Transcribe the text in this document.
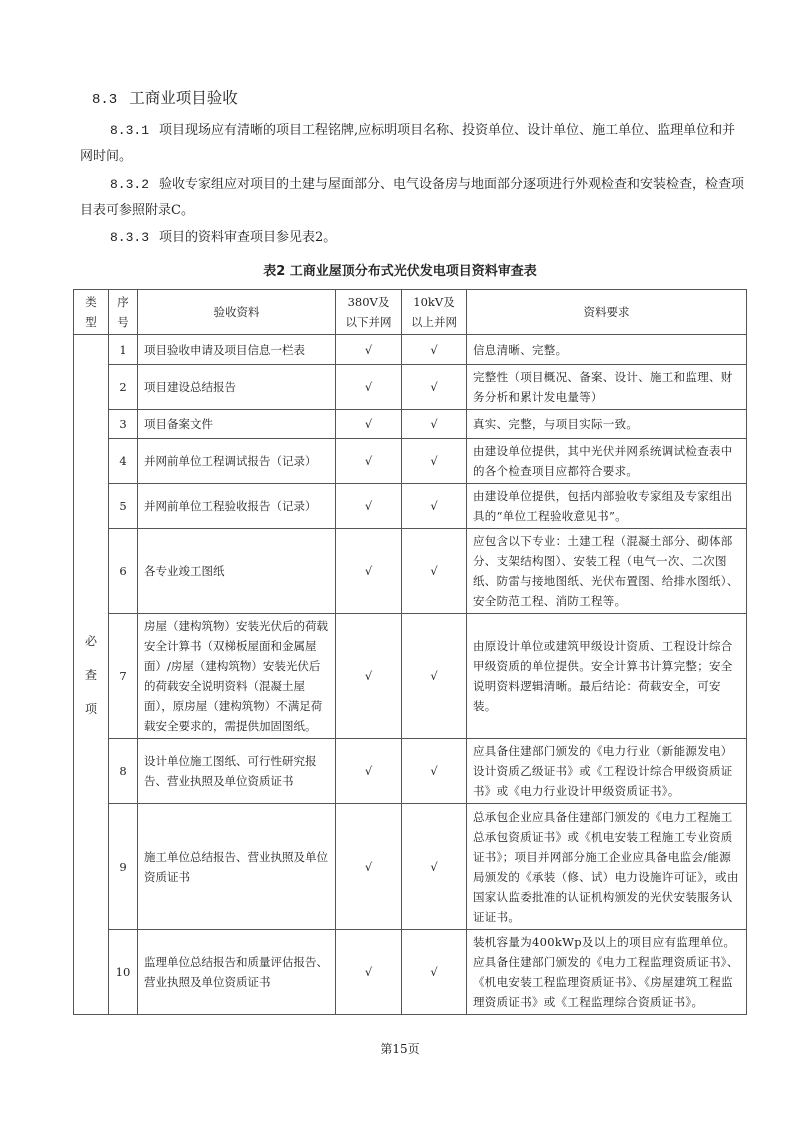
8.3 工商业项目验收
8.3.1 项目现场应有清晰的项目工程铭牌,应标明项目名称、投资单位、设计单位、施工单位、监理单位和并网时间。
8.3.2 验收专家组应对项目的土建与屋面部分、电气设备房与地面部分逐项进行外观检查和安装检查，检查项目表可参照附录C。
8.3.3 项目的资料审查项目参见表2。
表2 工商业屋顶分布式光伏发电项目资料审查表
类型	序号	验收资料	380V及以下并网	10kV及以上并网	资料要求

必查项	1	项目验收申请及项目信息一栏表	√	√	信息清晰、完整。
	2	项目建设总结报告	√	√	完整性（项目概况、备案、设计、施工和监理、财务分析和累计发电量等）
	3	项目备案文件	√	√	真实、完整，与项目实际一致。
	4	并网前单位工程调试报告（记录）	√	√	由建设单位提供，其中光伏并网系统调试检查表中的各个检查项目应都符合要求。
	5	并网前单位工程验收报告（记录）	√	√	由建设单位提供，包括内部验收专家组及专家组出具的“单位工程验收意见书”。
	6	各专业竣工图纸	√	√	应包含以下专业：土建工程（混凝土部分、砌体部分、支架结构图）、安装工程（电气一次、二次图纸、防雷与接地图纸、光伏布置图、给排水图纸）、安全防范工程、消防工程等。
	7	房屋（建构筑物）安装光伏后的荷载安全计算书（双梯板屋面和金属屋面）/房屋（建构筑物）安装光伏后的荷载安全说明资料（混凝土屋面），原房屋（建构筑物）不满足荷载安全要求的，需提供加固图纸。	√	√	由原设计单位或建筑甲级设计资质、工程设计综合甲级资质的单位提供。安全计算书计算完整；安全说明资料逻辑清晰。最后结论：荷载安全，可安装。
	8	设计单位施工图纸、可行性研究报告、营业执照及单位资质证书	√	√	应具备住建部门颁发的《电力行业（新能源发电）设计资质乙级证书》或《工程设计综合甲级资质证书》或《电力行业设计甲级资质证书》。
	9	施工单位总结报告、营业执照及单位资质证书	√	√	总承包企业应具备住建部门颁发的《电力工程施工总承包资质证书》或《机电安装工程施工专业资质证书》；项目并网部分施工企业应具备电监会/能源局颁发的《承装（修、试）电力设施许可证》，或由国家认监委批准的认证机构颁发的光伏安装服务认证证书。
	10	监理单位总结报告和质量评估报告、营业执照及单位资质证书	√	√	装机容量为400kWp及以上的项目应有监理单位。应具备住建部门颁发的《电力工程监理资质证书》、《机电安装工程监理资质证书》、《房屋建筑工程监理资质证书》或《工程监理综合资质证书》。
第15页
